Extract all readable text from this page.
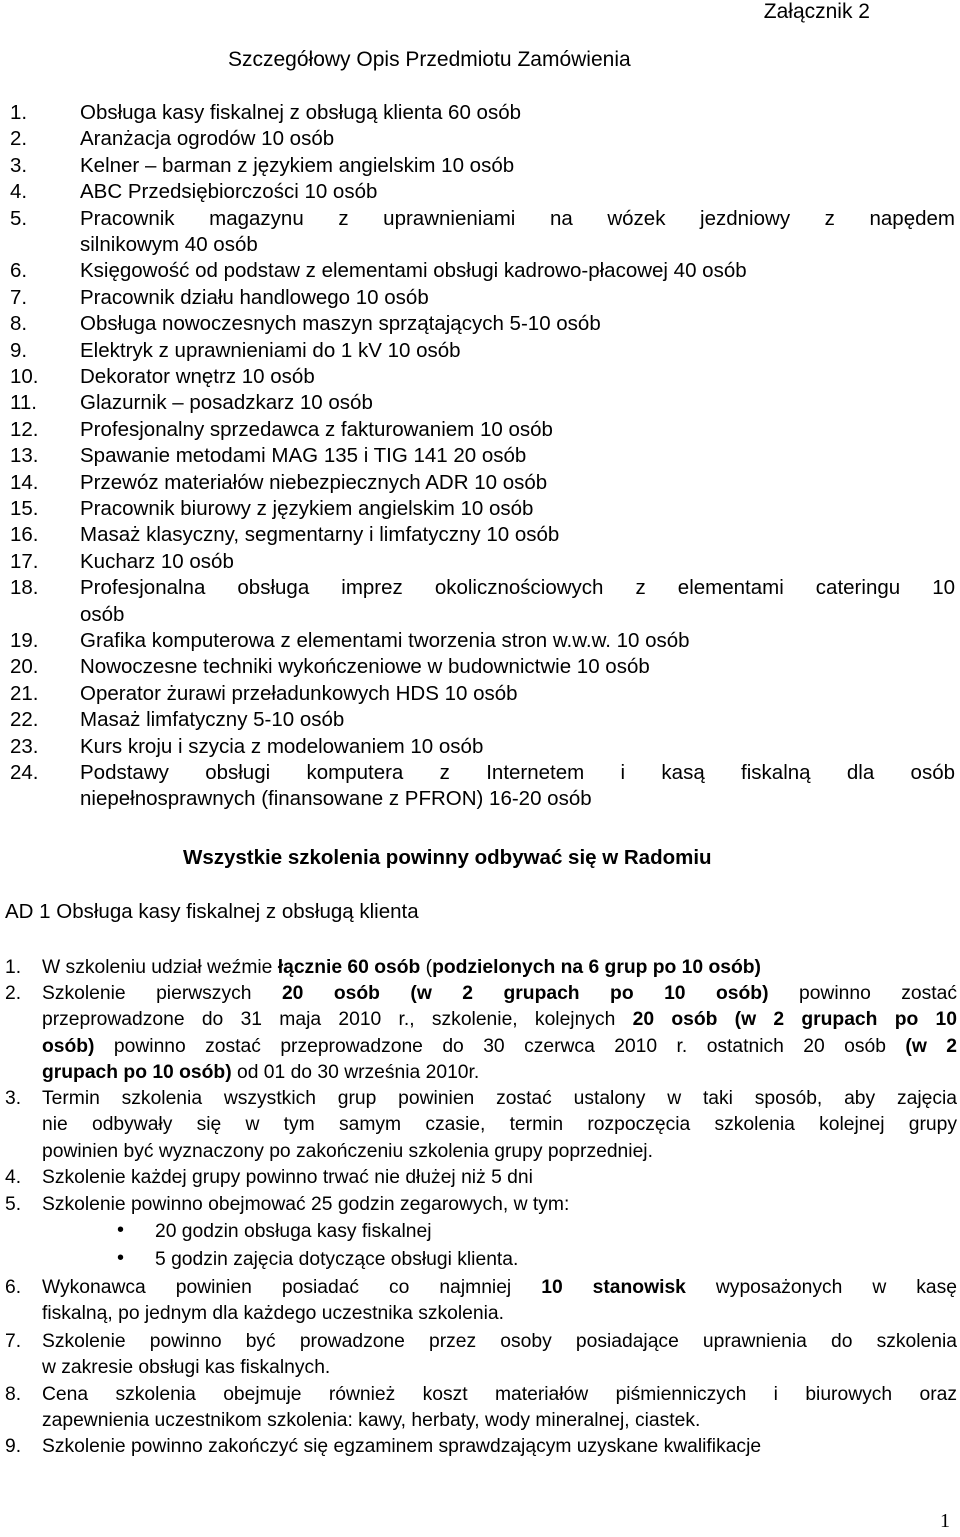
Załącznik 2
Szczegółowy Opis Przedmiotu Zamówienia
1.	Obsługa kasy fiskalnej z obsługą klienta 60 osób
2.	Aranżacja ogrodów 10 osób
3.	Kelner – barman z językiem angielskim 10 osób
4.	ABC Przedsiębiorczości 10 osób
5.	Pracownik magazynu z uprawnieniami na wózek jezdniowy z napędem
silnikowym 40 osób
6.	Księgowość od podstaw z elementami obsługi kadrowo-płacowej 40 osób
7.	Pracownik działu handlowego 10 osób
8.	Obsługa nowoczesnych maszyn sprzątających 5-10 osób
9.	Elektryk z uprawnieniami do 1 kV 10 osób
10. Dekorator wnętrz 10 osób
11. Glazurnik – posadzkarz 10 osób
12. Profesjonalny sprzedawca z fakturowaniem 10 osób
13. Spawanie metodami MAG 135 i TIG 141 20 osób
14. Przewóz materiałów niebezpiecznych ADR 10 osób
15. Pracownik biurowy z językiem angielskim 10 osób
16. Masaż klasyczny, segmentarny i limfatyczny 10 osób
17. Kucharz 10 osób
18. Profesjonalna obsługa imprez okolicznościowych z elementami cateringu 10
osób
19. Grafika komputerowa z elementami tworzenia stron w.w.w. 10 osób
20. Nowoczesne techniki wykończeniowe w budownictwie 10 osób
21. Operator żurawi przeładunkowych HDS 10 osób
22. Masaż limfatyczny 5-10 osób
23. Kurs kroju i szycia z modelowaniem 10 osób
24. Podstawy obsługi komputera z Internetem i kasą fiskalną dla osób
niepełnosprawnych (finansowane z PFRON) 16-20 osób
Wszystkie szkolenia powinny odbywać się w Radomiu
AD 1 Obsługa kasy fiskalnej z obsługą klienta
1. W szkoleniu udział weźmie łącznie 60 osób (podzielonych na 6 grup po 10 osób)
2. Szkolenie pierwszych 20 osób (w 2 grupach po 10 osób) powinno zostać
przeprowadzone do 31 maja 2010 r., szkolenie, kolejnych 20 osób (w 2 grupach po 10
osób) powinno zostać przeprowadzone do 30 czerwca 2010 r. ostatnich 20 osób (w 2
grupach po 10 osób) od 01 do 30 września 2010r.
3. Termin szkolenia wszystkich grup powinien zostać ustalony w taki sposób, aby zajęcia
nie odbywały się w tym samym czasie, termin rozpoczęcia szkolenia kolejnej grupy
powinien być wyznaczony po zakończeniu szkolenia grupy poprzedniej.
4. Szkolenie każdej grupy powinno trwać nie dłużej niż 5 dni
5. Szkolenie powinno obejmować 25 godzin zegarowych, w tym:
• 20 godzin obsługa kasy fiskalnej
• 5 godzin zajęcia dotyczące obsługi klienta.
6. Wykonawca powinien posiadać co najmniej 10 stanowisk wyposażonych w kasę
fiskalną, po jednym dla każdego uczestnika szkolenia.
7. Szkolenie powinno być prowadzone przez osoby posiadające uprawnienia do szkolenia
w zakresie obsługi kas fiskalnych.
8. Cena szkolenia obejmuje również koszt materiałów piśmienniczych i biurowych oraz
zapewnienia uczestnikom szkolenia: kawy, herbaty, wody mineralnej, ciastek.
9. Szkolenie powinno zakończyć się egzaminem sprawdzającym uzyskane kwalifikacje
1
